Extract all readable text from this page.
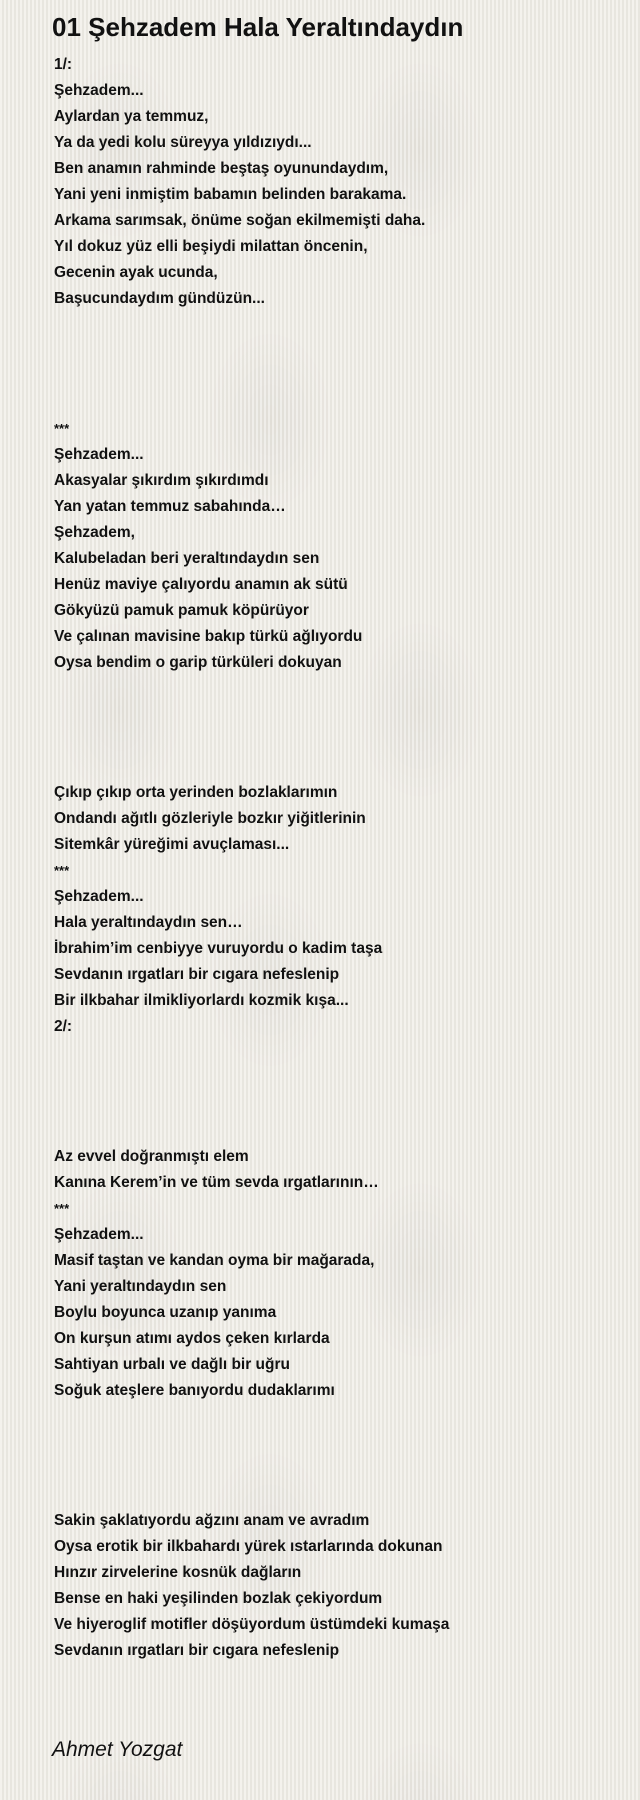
01 Şehzadem Hala Yeraltındaydın
1/:
Şehzadem...
Aylardan ya temmuz,
Ya da yedi kolu süreyya yıldızıydı...
Ben anamın rahminde beştaş oyunundaydım,
Yani yeni inmiştim babamın belinden barakama.
Arkama sarımsak, önüme soğan ekilmemişti daha.
Yıl dokuz yüz elli beşiydi milattan öncenin,
Gecenin ayak ucunda,
Başucundaydım gündüzün...
***
Şehzadem...
Akasyalar şıkırdım şıkırdımdı
Yan yatan temmuz sabahında…
Şehzadem,
Kalubeladan beri yeraltındaydın sen
Henüz maviye çalıyordu anamın ak sütü
Gökyüzü pamuk pamuk köpürüyor
Ve çalınan mavisine bakıp türkü ağlıyordu
Oysa bendim o garip türküleri dokuyan
Çıkıp çıkıp orta yerinden bozlaklarımın
Ondandı ağıtlı gözleriyle bozkır yiğitlerinin
Sitemkâr yüreğimi avuçlaması...
***
Şehzadem...
Hala yeraltındaydın sen…
İbrahim’im cenbiyye vuruyordu o kadim taşa
Sevdanın ırgatları bir cıgara nefeslenip
Bir ilkbahar ilmikliyorlardı kozmik kışa...
2/:
Az evvel doğranmıştı elem
Kanına Kerem’in ve tüm sevda ırgatlarının…
***
Şehzadem...
Masif taştan ve kandan oyma bir mağarada,
Yani yeraltındaydın sen
Boylu boyunca uzanıp yanıma
On kurşun atımı aydos çeken kırlarda
Sahtiyan urbalı ve dağlı bir uğru
Soğuk ateşlere banıyordu dudaklarımı
Sakin şaklatıyordu ağzını anam ve avradım
Oysa erotik bir ilkbahardı yürek ıstarlarında dokunan
Hınzır zirvelerine kosnük dağların
Bense en haki yeşilinden bozlak çekiyordum
Ve hiyeroglif motifler döşüyordum üstümdeki kumaşa
Sevdanın ırgatları bir cıgara nefeslenip
Ahmet Yozgat
